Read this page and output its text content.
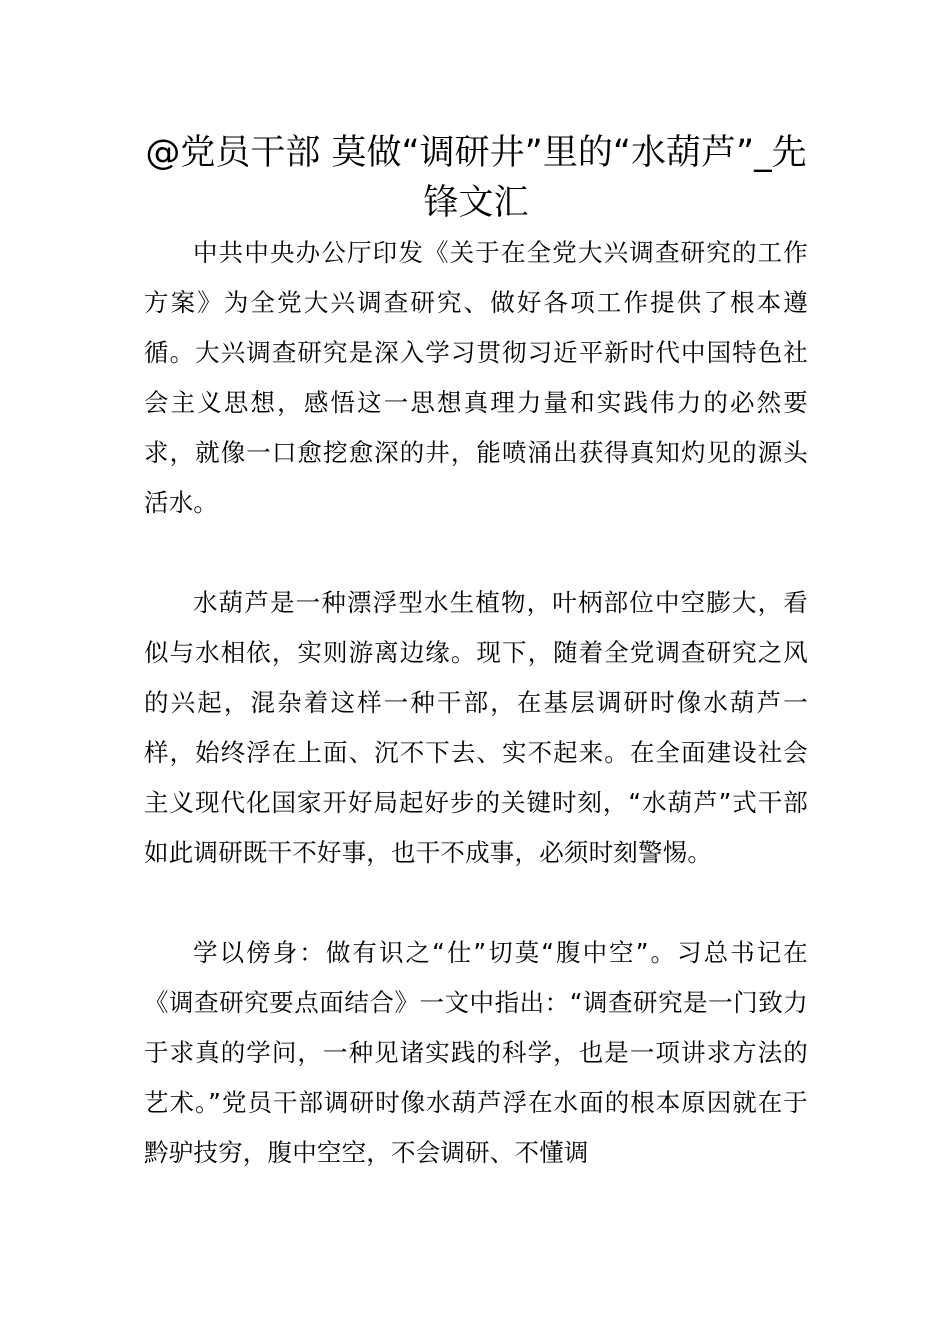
@党员干部 莫做“调研井”里的“水葫芦”_先锋文汇

中共中央办公厅印发《关于在全党大兴调查研究的工作方案》为全党大兴调查研究、做好各项工作提供了根本遵循。大兴调查研究是深入学习贯彻习近平新时代中国特色社会主义思想，感悟这一思想真理力量和实践伟力的必然要求，就像一口愈挖愈深的井，能喷涌出获得真知灼见的源头活水。

水葫芦是一种漂浮型水生植物，叶柄部位中空膨大，看似与水相依，实则游离边缘。现下，随着全党调查研究之风的兴起，混杂着这样一种干部，在基层调研时像水葫芦一样，始终浮在上面、沉不下去、实不起来。在全面建设社会主义现代化国家开好局起好步的关键时刻，“水葫芦”式干部如此调研既干不好事，也干不成事，必须时刻警惕。

学以傍身：做有识之“仕”切莫“腹中空”。习总书记在《调查研究要点面结合》一文中指出：“调查研究是一门致力于求真的学问，一种见诸实践的科学，也是一项讲求方法的艺术。”党员干部调研时像水葫芦浮在水面的根本原因就在于黔驴技穷，腹中空空，不会调研、不懂调
